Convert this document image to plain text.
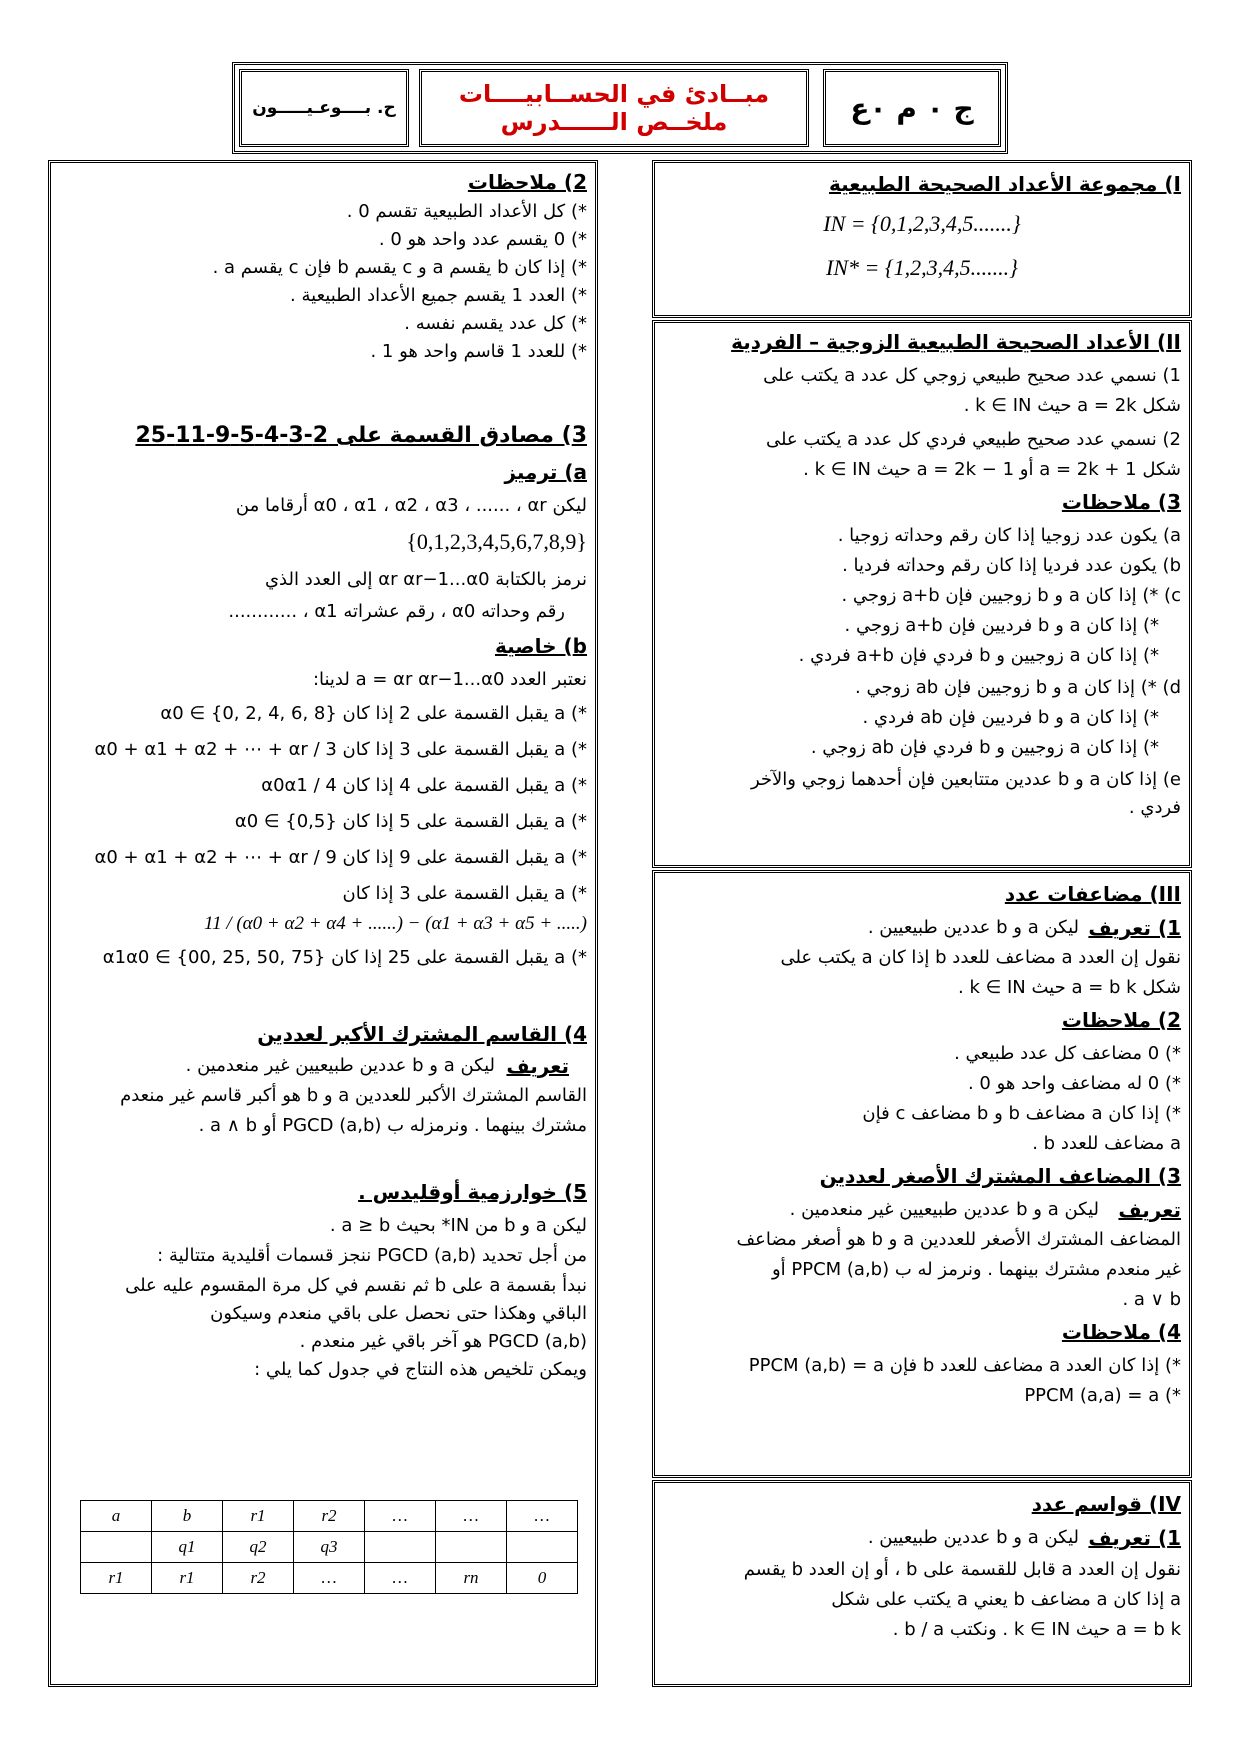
ج ٠ م ٠ع
مبــادئ في الحســابيــــات
ملخــص الــــــدرس
ح. بــــوعـيـــــون
I) مجموعة الأعداد الصحيحة الطبيعية
IN = {0,1,2,3,4,5.......}
IN* = {1,2,3,4,5.......}
II) الأعداد الصحيحة الطبيعية الزوجية – الفردية
1) نسمي عدد صحيح طبيعي زوجي كل عدد a يكتب على
شكل a = 2k حيث k ∈ IN .
2) نسمي عدد صحيح طبيعي فردي كل عدد a يكتب على
شكل a = 2k + 1 أو a = 2k − 1 حيث k ∈ IN .
3) ملاحظات
a) يكون عدد زوجيا إذا كان رقم وحداته زوجيا .
b) يكون عدد فرديا إذا كان رقم وحداته فرديا .
c) *) إذا كان a و b زوجيين فإن a+b زوجي .
*) إذا كان a و b فرديين فإن a+b زوجي .
*) إذا كان a زوجيين و b فردي فإن a+b فردي .
d) *) إذا كان a و b زوجيين فإن ab زوجي .
*) إذا كان a و b فرديين فإن ab فردي .
*) إذا كان a زوجيين و b فردي فإن ab زوجي .
e) إذا كان a و b عددين متتابعين فإن أحدهما زوجي والآخر
فردي .
III) مضاعفات عدد
1) تعريف
ليكن a و b عددين طبيعيين .
نقول إن العدد a مضاعف للعدد b إذا كان a يكتب على
شكل a = b k حيث k ∈ IN .
2) ملاحظات
*) 0 مضاعف كل عدد طبيعي .
*) 0 له مضاعف واحد هو 0 .
*) إذا كان a مضاعف b و b مضاعف c فإن
a مضاعف للعدد b .
3) المضاعف المشترك الأصغر لعددين
تعريف
ليكن a و b عددين طبيعيين غير منعدمين .
المضاعف المشترك الأصغر للعددين a و b هو أصغر مضاعف
غير منعدم مشترك بينهما . ونرمز له ب PPCM (a,b) أو
a ∨ b .
4) ملاحظات
*) إذا كان العدد a مضاعف للعدد b فإن PPCM (a,b) = a
*) PPCM (a,a) = a
IV) قواسم عدد
1) تعريف
ليكن a و b عددين طبيعيين .
نقول إن العدد a قابل للقسمة على b ، أو إن العدد b يقسم
a إذا كان a مضاعف b يعني a يكتب على شكل
a = b k حيث k ∈ IN . ونكتب b / a .
2) ملاحظات
*) كل الأعداد الطبيعية تقسم 0 .
*) 0 يقسم عدد واحد هو 0 .
*) إذا كان b يقسم a و c يقسم b فإن c يقسم a .
*) العدد 1 يقسم جميع الأعداد الطبيعية .
*) كل عدد يقسم نفسه .
*) للعدد 1 قاسم واحد هو 1 .
3) مصادق القسمة على 2-3-4-5-9-11-25
a) ترميز
ليكن α0 ، α1 ، α2 ، α3 ، ...... ، αr أرقاما من
{0,1,2,3,4,5,6,7,8,9}
نرمز بالكتابة αr αr−1...α0 إلى العدد الذي
رقم وحداته α0 ، رقم عشراته α1 ، ............
b) خاصية
نعتبر العدد a = αr αr−1...α0 لدينا:
*) a يقبل القسمة على 2 إذا كان α0 ∈ {0, 2, 4, 6, 8}
*) a يقبل القسمة على 3 إذا كان 3 / α0 + α1 + α2 + ⋯ + αr
*) a يقبل القسمة على 4 إذا كان 4 / α0α1
*) a يقبل القسمة على 5 إذا كان α0 ∈ {0,5}
*) a يقبل القسمة على 9 إذا كان 9 / α0 + α1 + α2 + ⋯ + αr
*) a يقبل القسمة على 3 إذا كان
11 / (α0 + α2 + α4 + ......) − (α1 + α3 + α5 + .....)
*) a يقبل القسمة على 25 إذا كان α1α0 ∈ {00, 25, 50, 75}
4) القاسم المشترك الأكبر لعددين
تعريف
ليكن a و b عددين طبيعيين غير منعدمين .
القاسم المشترك الأكبر للعددين a و b هو أكبر قاسم غير منعدم
مشترك بينهما . ونرمزله ب PGCD (a,b) أو a ∧ b .
5) خوارزمية أوقليدس .
ليكن a و b من IN* بحيث a ≥ b .
من أجل تحديد PGCD (a,b) ننجز قسمات أقليدية متتالية :
نبدأ بقسمة a على b ثم نقسم في كل مرة المقسوم عليه على
الباقي وهكذا حتى نحصل على باقي منعدم وسيكون
PGCD (a,b) هو آخر باقي غير منعدم .
ويمكن تلخيص هذه النتاج في جدول كما يلي :
a	b	r1	r2	…	…	…
	q1	q2	q3			
r1	r1	r2	…	…	rn	0
